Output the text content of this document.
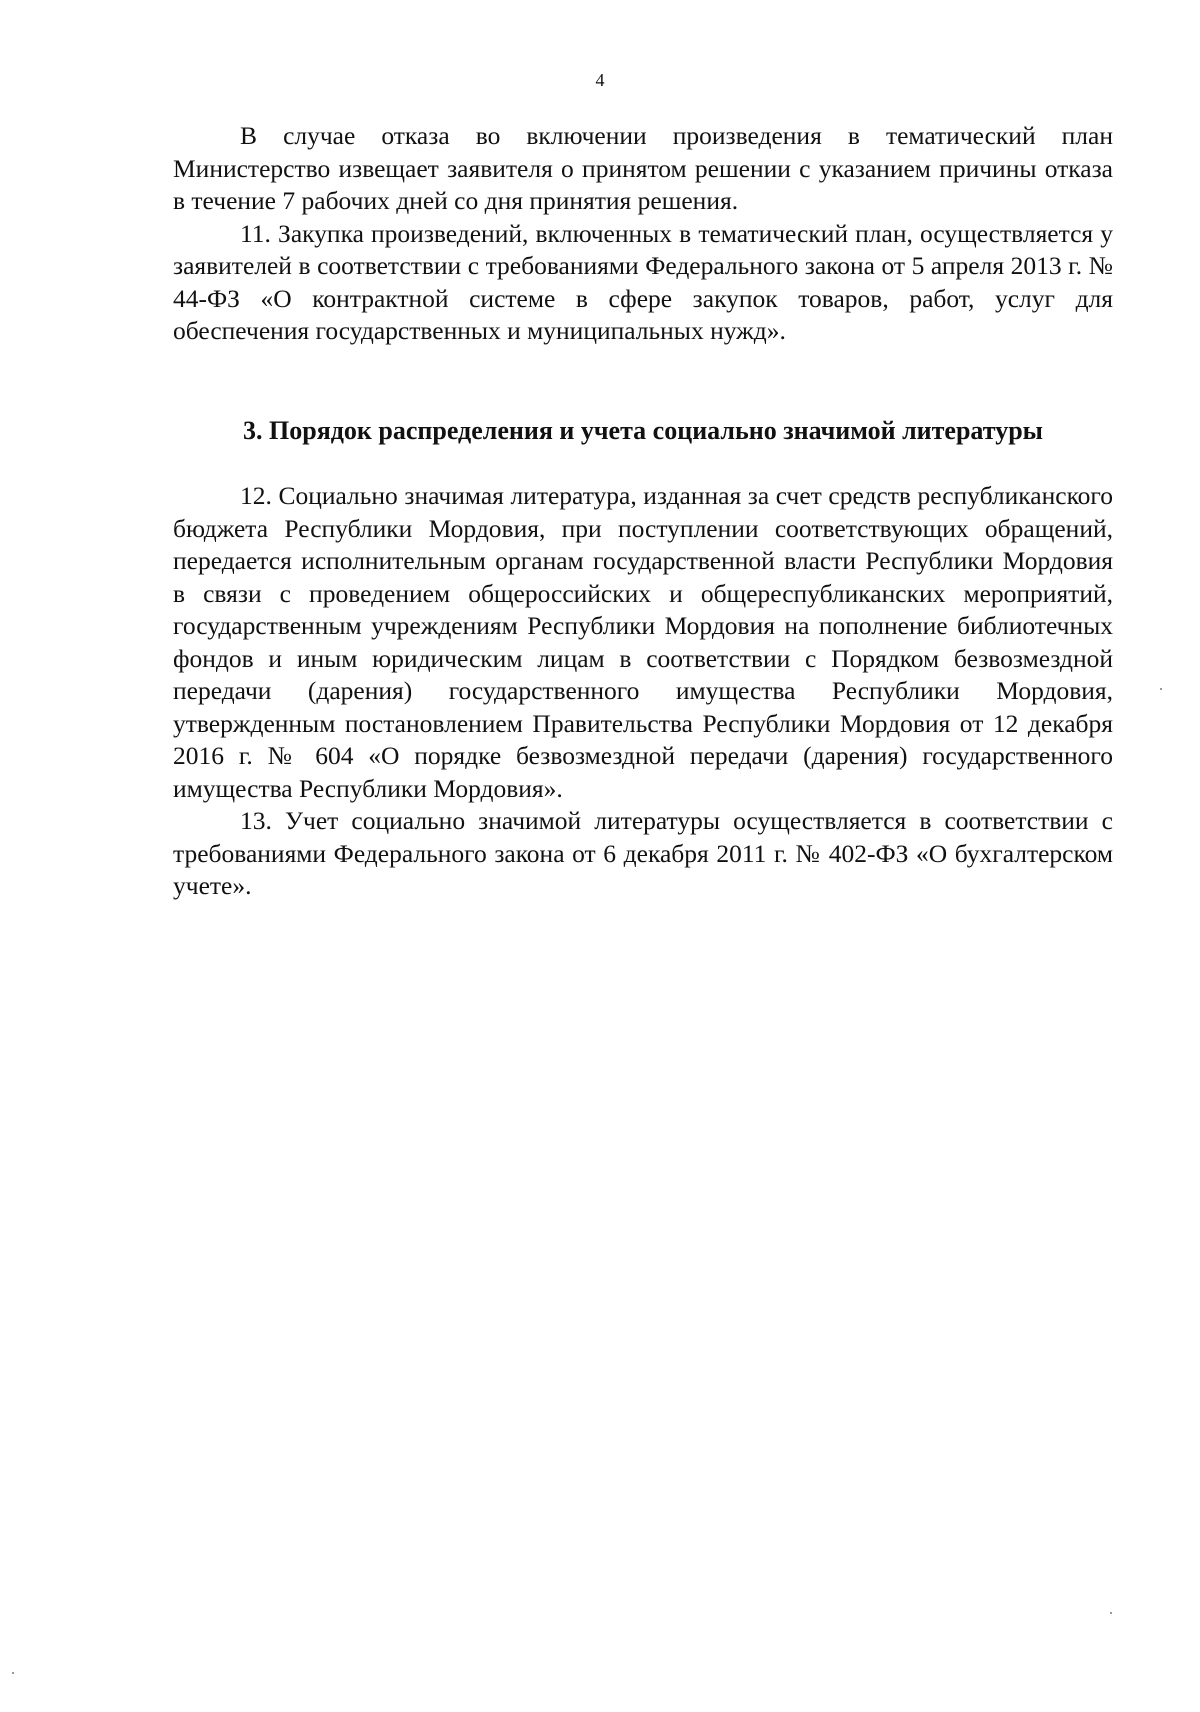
4

В случае отказа во включении произведения в тематический план Министерство извещает заявителя о принятом решении с указанием причины отказа в течение 7 рабочих дней со дня принятия решения.

11. Закупка произведений, включенных в тематический план, осуществляется у заявителей в соответствии с требованиями Федерального закона от 5 апреля 2013 г. № 44-ФЗ «О контрактной системе в сфере закупок товаров, работ, услуг для обеспечения государственных и муниципальных нужд».

3. Порядок распределения и учета социально значимой литературы

12. Социально значимая литература, изданная за счет средств республиканского бюджета Республики Мордовия, при поступлении соответствующих обращений, передается исполнительным органам государственной власти Республики Мордовия в связи с проведением общероссийских и общереспубликанских мероприятий, государственным учреждениям Республики Мордовия на пополнение библиотечных фондов и иным юридическим лицам в соответствии с Порядком безвозмездной передачи (дарения) государственного имущества Республики Мордовия, утвержденным постановлением Правительства Республики Мордовия от 12 декабря 2016 г. № 604 «О порядке безвозмездной передачи (дарения) государственного имущества Республики Мордовия».

13. Учет социально значимой литературы осуществляется в соответствии с требованиями Федерального закона от 6 декабря 2011 г. № 402-ФЗ «О бухгалтерском учете».
